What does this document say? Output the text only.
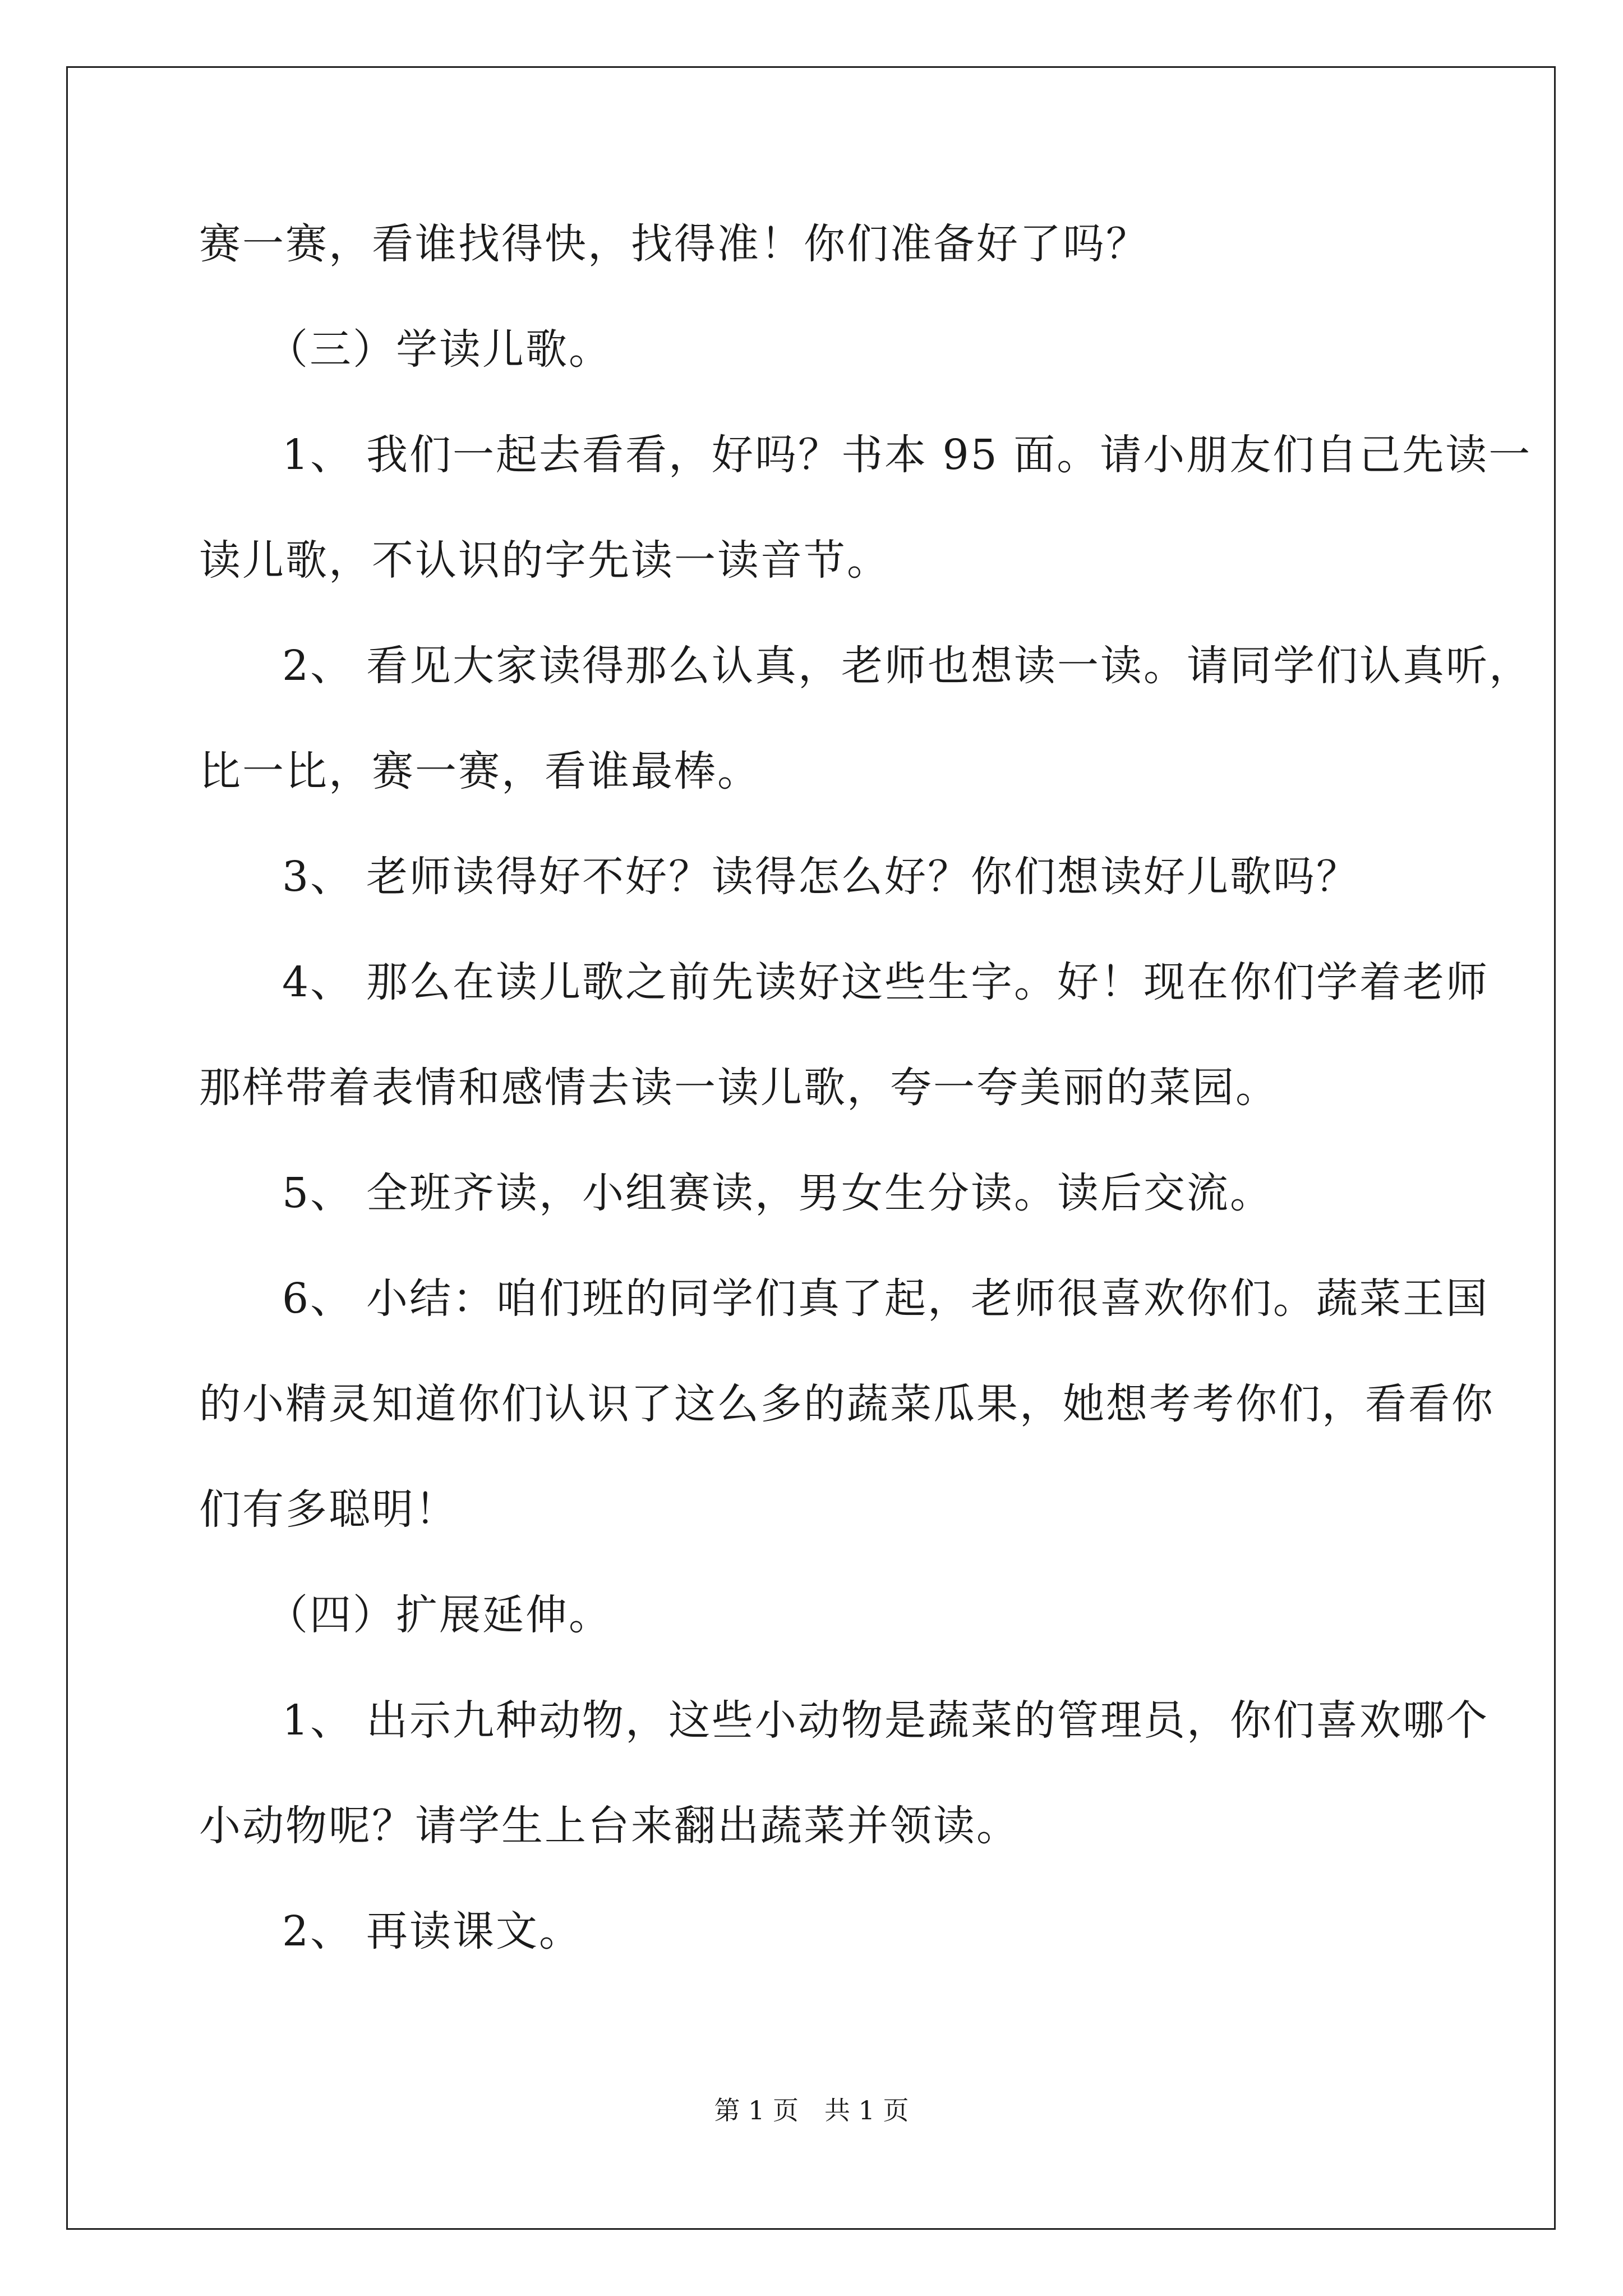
赛一赛，看谁找得快，找得准！你们准备好了吗？
（三）学读儿歌。
1、 我们一起去看看，好吗？书本 95 面。请小朋友们自己先读一
读儿歌，不认识的字先读一读音节。
2、 看见大家读得那么认真，老师也想读一读。请同学们认真听，
比一比，赛一赛，看谁最棒。
3、 老师读得好不好？读得怎么好？你们想读好儿歌吗？
4、 那么在读儿歌之前先读好这些生字。好！现在你们学着老师
那样带着表情和感情去读一读儿歌，夸一夸美丽的菜园。
5、 全班齐读，小组赛读，男女生分读。读后交流。
6、 小结：咱们班的同学们真了起，老师很喜欢你们。蔬菜王国
的小精灵知道你们认识了这么多的蔬菜瓜果，她想考考你们，看看你
们有多聪明！
（四）扩展延伸。
1、 出示九种动物，这些小动物是蔬菜的管理员，你们喜欢哪个
小动物呢？请学生上台来翻出蔬菜并领读。
2、 再读课文。
第 1 页　共 1 页
